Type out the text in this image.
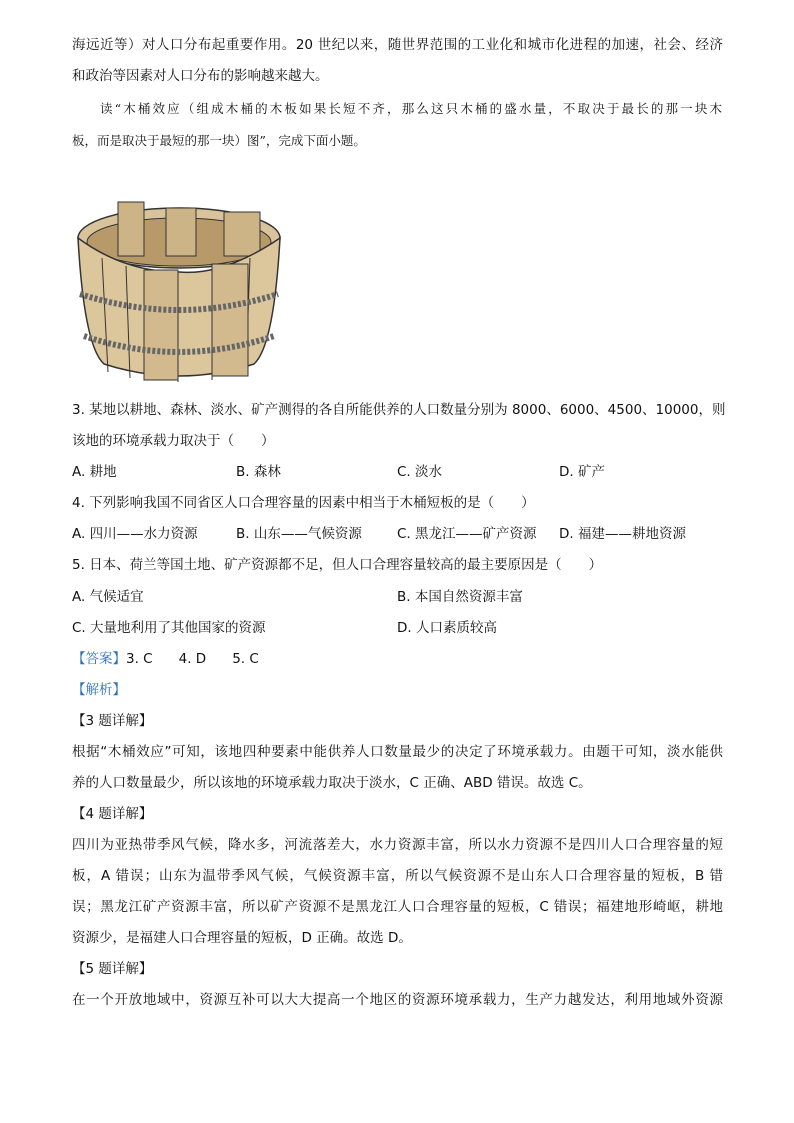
海远近等）对人口分布起重要作用。20 世纪以来，随世界范围的工业化和城市化进程的加速，社会、经济
和政治等因素对人口分布的影响越来越大。
读“木桶效应（组成木桶的木板如果长短不齐，那么这只木桶的盛水量，不取决于最长的那一块木
板，而是取决于最短的那一块）图”，完成下面小题。
3. 某地以耕地、森林、淡水、矿产测得的各自所能供养的人口数量分别为 8000、6000、4500、10000，则
该地的环境承载力取决于（　　）
A. 耕地	B. 森林	C. 淡水	D. 矿产
4. 下列影响我国不同省区人口合理容量的因素中相当于木桶短板的是（　　）
A. 四川——水力资源	B. 山东——气候资源	C. 黑龙江——矿产资源 D. 福建——耕地资源
5. 日本、荷兰等国土地、矿产资源都不足，但人口合理容量较高的最主要原因是（　　）
A. 气候适宜	B. 本国自然资源丰富
C. 大量地利用了其他国家的资源	D. 人口素质较高
【答案】3. C 4. D 5. C
【解析】
【3 题详解】
根据“木桶效应”可知，该地四种要素中能供养人口数量最少的决定了环境承载力。由题干可知，淡水能供
养的人口数量最少，所以该地的环境承载力取决于淡水，C 正确、ABD 错误。故选 C。
【4 题详解】
四川为亚热带季风气候，降水多，河流落差大，水力资源丰富，所以水力资源不是四川人口合理容量的短
板，A 错误；山东为温带季风气候，气候资源丰富，所以气候资源不是山东人口合理容量的短板，B 错
误；黑龙江矿产资源丰富，所以矿产资源不是黑龙江人口合理容量的短板，C 错误；福建地形崎岖，耕地
资源少，是福建人口合理容量的短板，D 正确。故选 D。
【5 题详解】
在一个开放地域中，资源互补可以大大提高一个地区的资源环境承载力，生产力越发达，利用地域外资源
